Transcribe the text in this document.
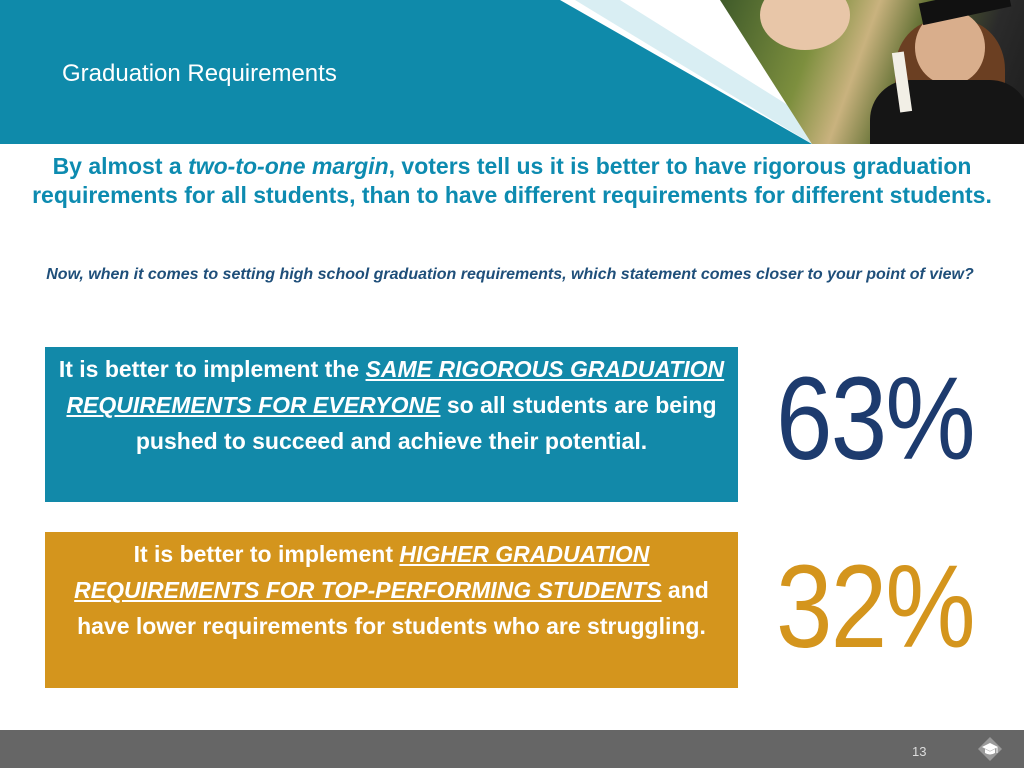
Graduation Requirements
By almost a two-to-one margin, voters tell us it is better to have rigorous graduation requirements for all students, than to have different requirements for different students.
Now, when it comes to setting high school graduation requirements, which statement comes closer to your point of view?
It is better to implement the SAME RIGOROUS GRADUATION REQUIREMENTS FOR EVERYONE so all students are being pushed to succeed and achieve their potential.	63%
It is better to implement HIGHER GRADUATION REQUIREMENTS FOR TOP-PERFORMING STUDENTS and have lower requirements for students who are struggling. 32%
13
